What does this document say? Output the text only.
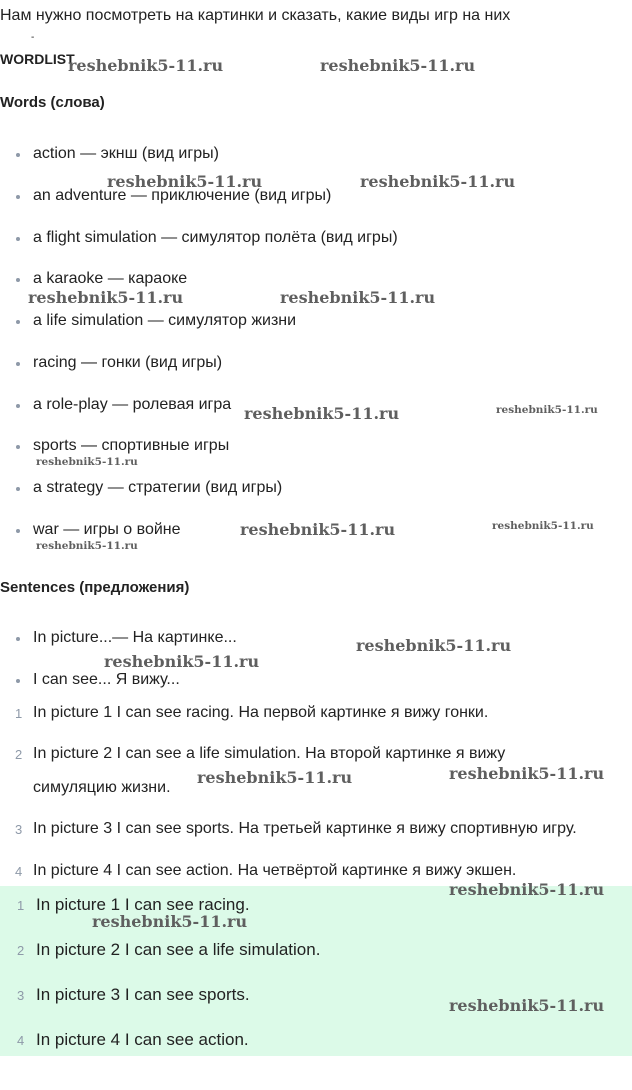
Нам нужно посмотреть на картинки и сказать, какие виды игр на них
-
WORDLIST
Words (слова)
action — экнш (вид игры)
an adventure — приключение (вид игры)
a flight simulation — симулятор полёта (вид игры)
a karaoke — караоке
a life simulation — симулятор жизни
racing — гонки (вид игры)
a role-play — ролевая игра
sports — спортивные игры
a strategy — стратегии (вид игры)
war — игры о войне
Sentences (предложения)
In picture...— На картинке...
I can see... Я вижу...
1 In picture 1 I can see racing. На первой картинке я вижу гонки.
2 In picture 2 I can see a life simulation. На второй картинке я вижу
симуляцию жизни.
3 In picture 3 I can see sports. На третьей картинке я вижу спортивную игру.
4 In picture 4 I can see action. На четвёртой картинке я вижу экшен.
1 In picture 1 I can see racing.
2 In picture 2 I can see a life simulation.
3 In picture 3 I can see sports.
4 In picture 4 I can see action.
reshebnik5-11.ru	reshebnik5-11.ru
reshebnik5-11.ru	reshebnik5-11.ru
reshebnik5-11.ru	reshebnik5-11.ru
reshebnik5-11.ru	reshebnik5-11.ru
reshebnik5-11.ru
reshebnik5-11.ru	reshebnik5-11.ru
reshebnik5-11.ru
reshebnik5-11.ru
reshebnik5-11.ru
reshebnik5-11.ru	reshebnik5-11.ru
reshebnik5-11.ru
reshebnik5-11.ru
reshebnik5-11.ru
